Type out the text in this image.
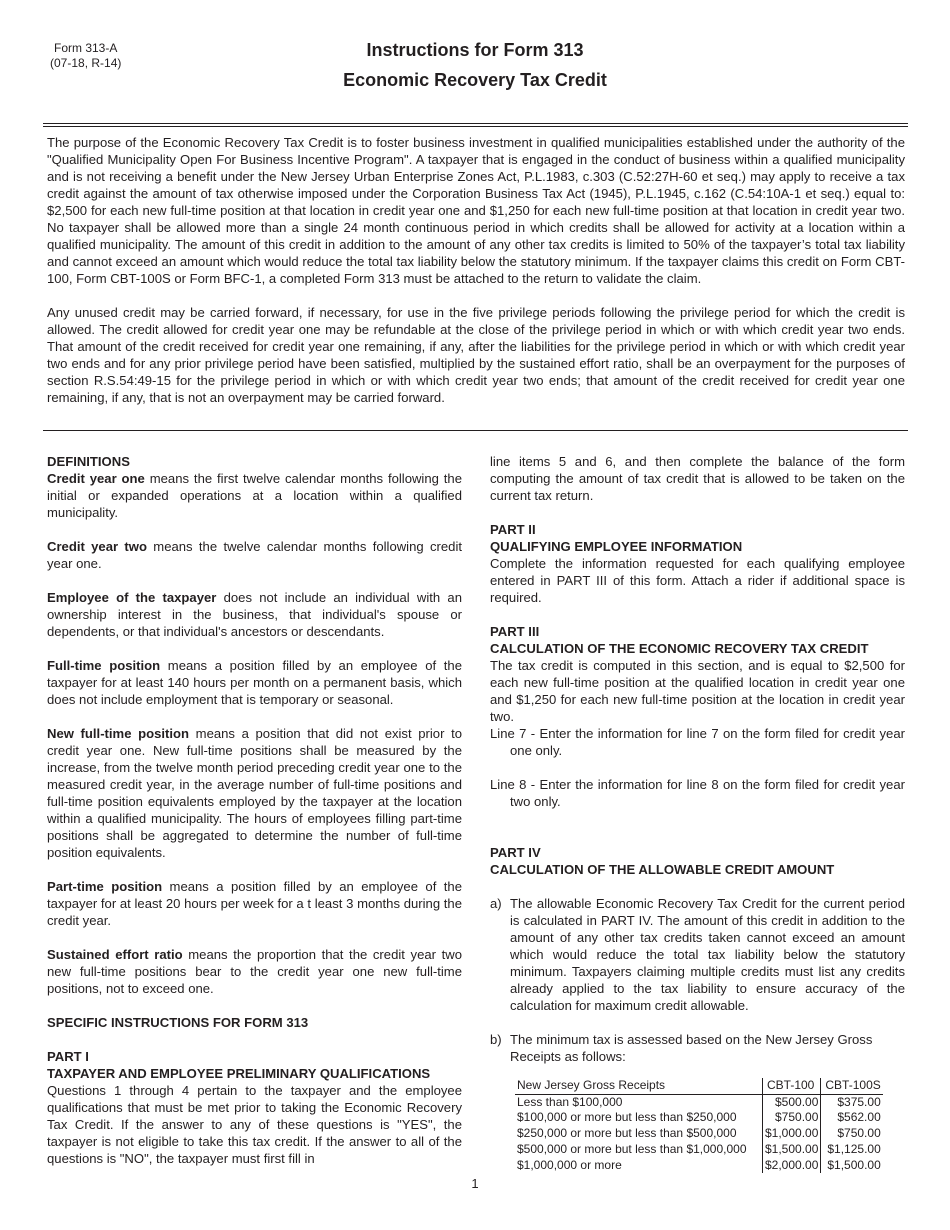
Form 313-A
(07-18, R-14)
Instructions for Form 313
Economic Recovery Tax Credit

The purpose of the Economic Recovery Tax Credit is to foster business investment in qualified municipalities established under the authority of the "Qualified Municipality Open For Business Incentive Program". A taxpayer that is engaged in the conduct of business within a qualified municipality and is not receiving a benefit under the New Jersey Urban Enterprise Zones Act, P.L.1983, c.303 (C.52:27H-60 et seq.) may apply to receive a tax credit against the amount of tax otherwise imposed under the Corporation Business Tax Act (1945), P.L.1945, c.162 (C.54:10A-1 et seq.) equal to: $2,500 for each new full-time position at that location in credit year one and $1,250 for each new full-time position at that location in credit year two. No taxpayer shall be allowed more than a single 24 month continuous period in which credits shall be allowed for activity at a location within a qualified municipality. The amount of this credit in addition to the amount of any other tax credits is limited to 50% of the taxpayer’s total tax liability and cannot exceed an amount which would reduce the total tax liability below the statutory minimum. If the taxpayer claims this credit on Form CBT-100, Form CBT-100S or Form BFC-1, a completed Form 313 must be attached to the return to validate the claim.

Any unused credit may be carried forward, if necessary, for use in the five privilege periods following the privilege period for which the credit is allowed. The credit allowed for credit year one may be refundable at the close of the privilege period in which or with which credit year two ends. That amount of the credit received for credit year one remaining, if any, after the liabilities for the privilege period in which or with which credit year two ends and for any prior privilege period have been satisfied, multiplied by the sustained effort ratio, shall be an overpayment for the purposes of section R.S.54:49-15 for the privilege period in which or with which credit year two ends; that amount of the credit received for credit year one remaining, if any, that is not an overpayment may be carried forward.

DEFINITIONS

Credit year one means the first twelve calendar months following the initial or expanded operations at a location within a qualified municipality.

Credit year two means the twelve calendar months following credit year one.

Employee of the taxpayer does not include an individual with an ownership interest in the business, that individual's spouse or dependents, or that individual's ancestors or descendants.

Full-time position means a position filled by an employee of the taxpayer for at least 140 hours per month on a permanent basis, which does not include employment that is temporary or seasonal.

New full-time position means a position that did not exist prior to credit year one. New full-time positions shall be measured by the increase, from the twelve month period preceding credit year one to the measured credit year, in the average number of full-time positions and full-time position equivalents employed by the taxpayer at the location within a qualified municipality. The hours of employees filling part-time positions shall be aggregated to determine the number of full-time position equivalents.

Part-time position means a position filled by an employee of the taxpayer for at least 20 hours per week for a t least 3 months during the credit year.

Sustained effort ratio means the proportion that the credit year two new full-time positions bear to the credit year one new full-time positions, not to exceed one.

SPECIFIC INSTRUCTIONS FOR FORM 313
PART I
TAXPAYER AND EMPLOYEE PRELIMINARY QUALIFICATIONS

Questions 1 through 4 pertain to the taxpayer and the employee qualifications that must be met prior to taking the Economic Recovery Tax Credit. If the answer to any of these questions is "YES", the taxpayer is not eligible to take this tax credit. If the answer to all of the questions is "NO", the taxpayer must first fill in

line items 5 and 6, and then complete the balance of the form computing the amount of tax credit that is allowed to be taken on the current tax return.

PART II
QUALIFYING EMPLOYEE INFORMATION

Complete the information requested for each qualifying employee entered in PART III of this form. Attach a rider if additional space is required.

PART III
CALCULATION OF THE ECONOMIC RECOVERY TAX CREDIT

The tax credit is computed in this section, and is equal to $2,500 for each new full-time position at the qualified location in credit year one and $1,250 for each new full-time position at the location in credit year two.

Line 7 - Enter the information for line 7 on the form filed for credit year one only.

Line 8 - Enter the information for line 8 on the form filed for credit year two only.

PART IV
CALCULATION OF THE ALLOWABLE CREDIT AMOUNT
a) The allowable Economic Recovery Tax Credit for the current period is calculated in PART IV. The amount of this credit in addition to the amount of any other tax credits taken cannot exceed an amount which would reduce the total tax liability below the statutory minimum. Taxpayers claiming multiple credits must list any credits already applied to the tax liability to ensure accuracy of the calculation for maximum credit allowable.
b) The minimum tax is assessed based on the New Jersey Gross Receipts as follows:
New Jersey Gross Receipts	CBT-100	CBT-100S
Less than $100,000	$500.00	$375.00
$100,000 or more but less than $250,000	$750.00	$562.00
$250,000 or more but less than $500,000	$1,000.00	$750.00
$500,000 or more but less than $1,000,000	$1,500.00	$1,125.00
$1,000,000 or more	$2,000.00	$1,500.00
1
